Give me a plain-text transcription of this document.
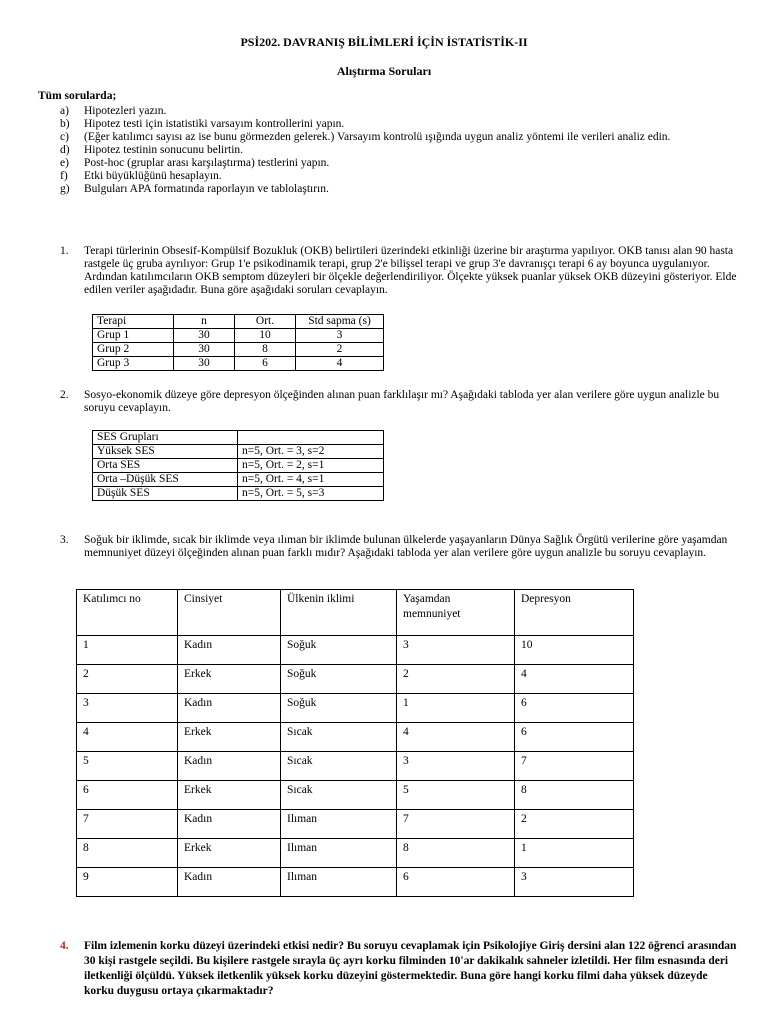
PSİ202. DAVRANIŞ BİLİMLERİ İÇİN İSTATİSTİK-II
Alıştırma Soruları
Tüm sorularda;
a)	Hipotezleri yazın.
b)	Hipotez testi için istatistiki varsayım kontrollerini yapın.
c)	(Eğer katılımcı sayısı az ise bunu görmezden gelerek.) Varsayım kontrolü ışığında uygun analiz yöntemi ile verileri analiz edin.
d)	Hipotez testinin sonucunu belirtin.
e)	Post-hoc (gruplar arası karşılaştırma) testlerini yapın.
f)	Etki büyüklüğünü hesaplayın.
g)	Bulguları APA formatında raporlayın ve tablolaştırın.
1.	Terapi türlerinin Obsesif-Kompülsif Bozukluk (OKB) belirtileri üzerindeki etkinliği üzerine bir araştırma yapılıyor. OKB tanısı alan 90 hasta rastgele üç gruba ayrılıyor: Grup 1'e psikodinamik terapi, grup 2'e bilişsel terapi ve grup 3'e davranışçı terapi 6 ay boyunca uygulanıyor. Ardından katılımcıların OKB semptom düzeyleri bir ölçekle değerlendiriliyor. Ölçekte yüksek puanlar yüksek OKB düzeyini gösteriyor. Elde edilen veriler aşağıdadır. Buna göre aşağıdaki soruları cevaplayın.
Terapi	n	Ort.	Std sapma (s)
Grup 1	30	10	3
Grup 2	30	8	2
Grup 3	30	6	4
2.	Sosyo-ekonomik düzeye göre depresyon ölçeğinden alınan puan farklılaşır mı? Aşağıdaki tabloda yer alan verilere göre uygun analizle bu soruyu cevaplayın.
SES Grupları	
Yüksek SES	n=5, Ort. = 3, s=2
Orta SES	n=5, Ort. = 2, s=1
Orta –Düşük SES	n=5, Ort. = 4, s=1
Düşük SES	n=5, Ort. = 5, s=3
3.	Soğuk bir iklimde, sıcak bir iklimde veya ılıman bir iklimde bulunan ülkelerde yaşayanların Dünya Sağlık Örgütü verilerine göre yaşamdan memnuniyet düzeyi ölçeğinden alınan puan farklı mıdır? Aşağıdaki tabloda yer alan verilere göre uygun analizle bu soruyu cevaplayın.
Katılımcı no	Cinsiyet	Ülkenin iklimi	Yaşamdan memnuniyet	Depresyon
1	Kadın	Soğuk	3	10
2	Erkek	Soğuk	2	4
3	Kadın	Soğuk	1	6
4	Erkek	Sıcak	4	6
5	Kadın	Sıcak	3	7
6	Erkek	Sıcak	5	8
7	Kadın	Ilıman	7	2
8	Erkek	Ilıman	8	1
9	Kadın	Ilıman	6	3
4.	Film izlemenin korku düzeyi üzerindeki etkisi nedir? Bu soruyu cevaplamak için Psikolojiye Giriş dersini alan 122 öğrenci arasından 30 kişi rastgele seçildi. Bu kişilere rastgele sırayla üç ayrı korku filminden 10'ar dakikalık sahneler izletildi. Her film esnasında deri iletkenliği ölçüldü. Yüksek iletkenlik yüksek korku düzeyini göstermektedir. Buna göre hangi korku filmi daha yüksek düzeyde korku duygusu ortaya çıkarmaktadır?
